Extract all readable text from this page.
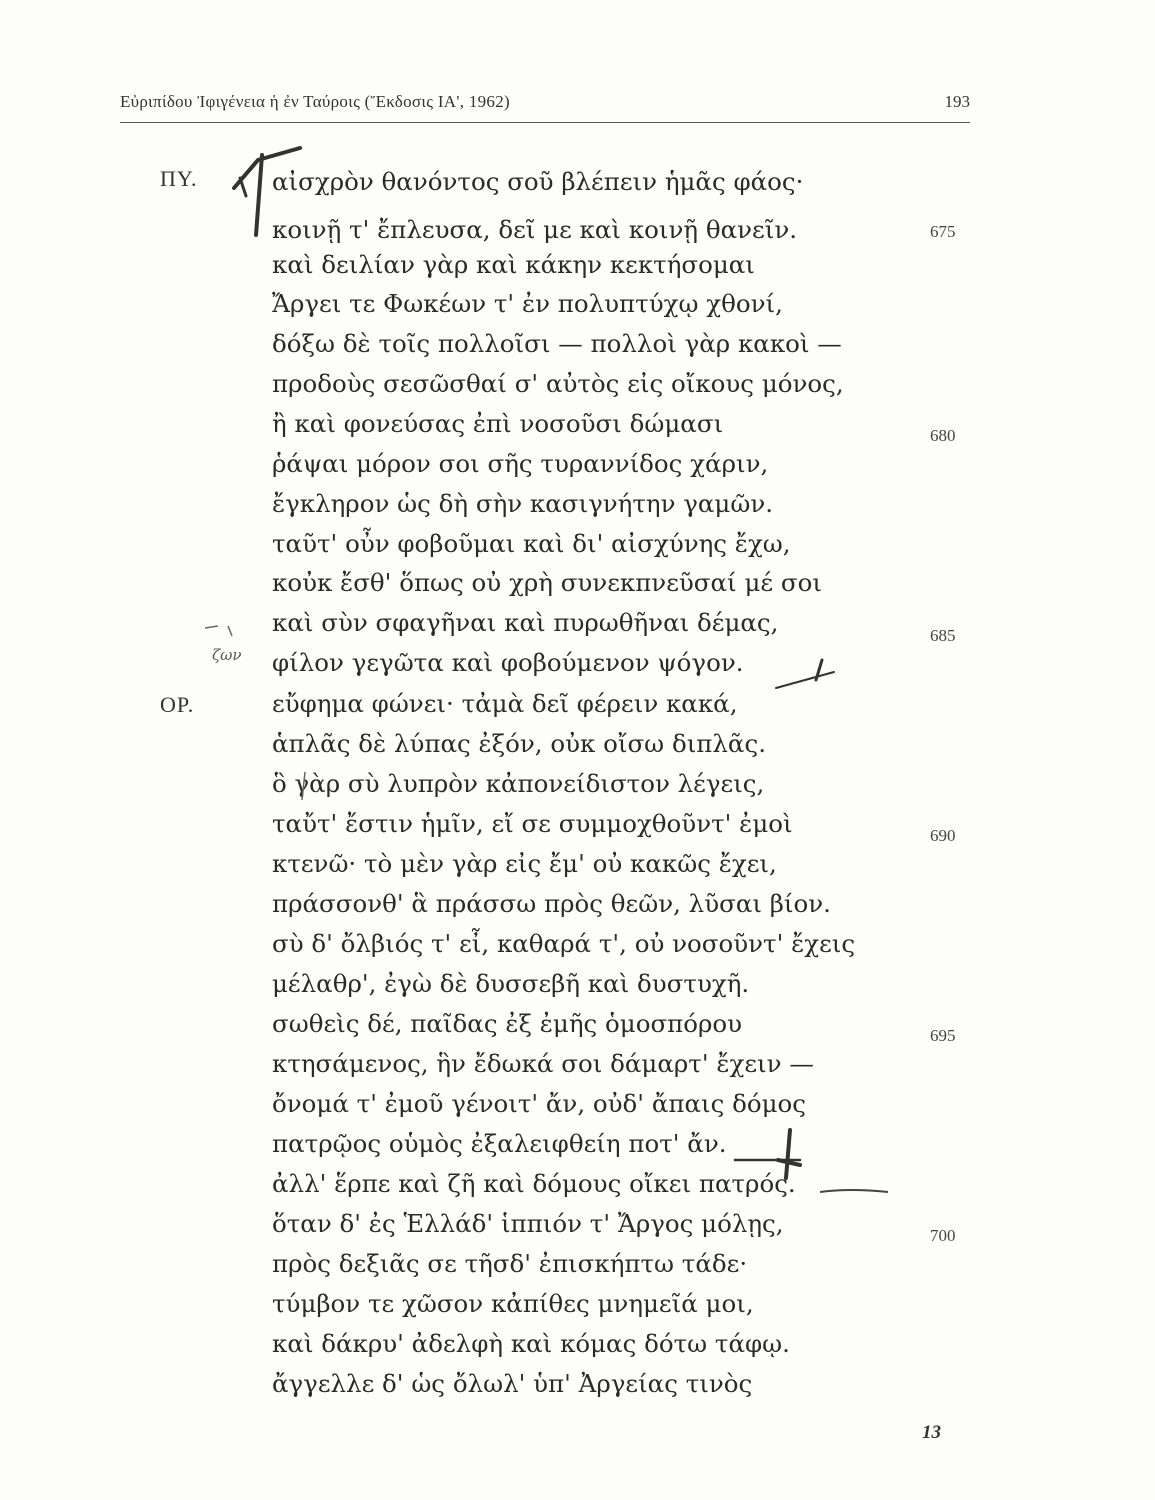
Εὐριπίδου Ἰφιγένεια ἡ ἐν Ταύροις (Ἔκδοσις ΙΑ', 1962)	193
ΠΥ.
ΟΡ.
αἰσχρὸν θανόντος σοῦ βλέπειν ἡμᾶς φάος·
κοινῇ τ' ἔπλευσα, δεῖ με καὶ κοινῇ θανεῖν.
καὶ δειλίαν γὰρ καὶ κάκην κεκτήσομαι
Ἄργει τε Φωκέων τ' ἐν πολυπτύχῳ χθονί,
δόξω δὲ τοῖς πολλοῖσι — πολλοὶ γὰρ κακοὶ —
προδοὺς σεσῶσθαί σ' αὐτὸς εἰς οἴκους μόνος,
ἢ καὶ φονεύσας ἐπὶ νοσοῦσι δώμασι
ῥάψαι μόρον σοι σῆς τυραννίδος χάριν,
ἔγκληρον ὡς δὴ σὴν κασιγνήτην γαμῶν.
ταῦτ' οὖν φοβοῦμαι καὶ δι' αἰσχύνης ἔχω,
κοὐκ ἔσθ' ὅπως οὐ χρὴ συνεκπνεῦσαί μέ σοι
καὶ σὺν σφαγῆναι καὶ πυρωθῆναι δέμας,
φίλον γεγῶτα καὶ φοβούμενον ψόγον.
εὔφημα φώνει· τἀμὰ δεῖ φέρειν κακά,
ἁπλᾶς δὲ λύπας ἐξόν, οὐκ οἴσω διπλᾶς.
ὃ γὰρ σὺ λυπρὸν κἀπονείδιστον λέγεις,
ταὔτ' ἔστιν ἡμῖν, εἴ σε συμμοχθοῦντ' ἐμοὶ
κτενῶ· τὸ μὲν γὰρ εἰς ἔμ' οὐ κακῶς ἔχει,
πράσσονθ' ἃ πράσσω πρὸς θεῶν, λῦσαι βίον.
σὺ δ' ὄλβιός τ' εἶ, καθαρά τ', οὐ νοσοῦντ' ἔχεις
μέλαθρ', ἐγὼ δὲ δυσσεβῆ καὶ δυστυχῆ.
σωθεὶς δέ, παῖδας ἐξ ἐμῆς ὁμοσπόρου
κτησάμενος, ἣν ἔδωκά σοι δάμαρτ' ἔχειν —
ὄνομά τ' ἐμοῦ γένοιτ' ἄν, οὐδ' ἄπαις δόμος
πατρῷος οὑμὸς ἐξαλειφθείη ποτ' ἄν.
ἀλλ' ἕρπε καὶ ζῆ καὶ δόμους οἴκει πατρός.
ὅταν δ' ἐς Ἑλλάδ' ἱππιόν τ' Ἄργος μόλῃς,
πρὸς δεξιᾶς σε τῆσδ' ἐπισκήπτω τάδε·
τύμβον τε χῶσον κἀπίθες μνημεῖά μοι,
καὶ δάκρυ' ἀδελφὴ καὶ κόμας δότω τάφῳ.
ἄγγελλε δ' ὡς ὄλωλ' ὑπ' Ἀργείας τινὸς
675
680
685
690
695
700
ζων
13
